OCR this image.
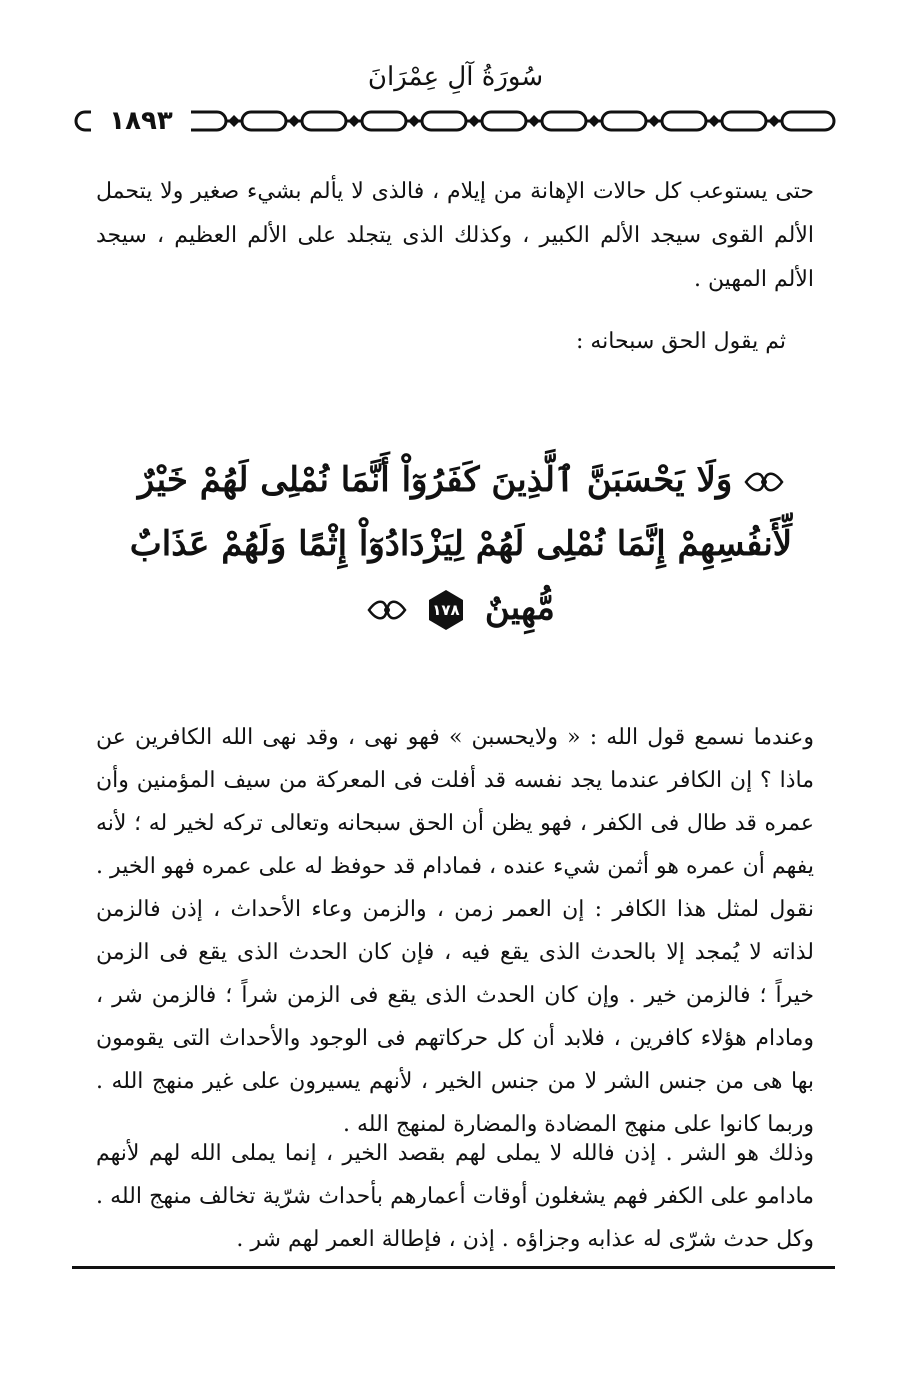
سُورَةُ آلِ عِمْرَانَ
١٨٩٣

حتى يستوعب كل حالات الإهانة من إيلام ، فالذى لا يألم بشيء صغير ولا يتحمل الألم القوى سيجد الألم الكبير ، وكذلك الذى يتجلد على الألم العظيم ، سيجد الألم المهين .

ثم يقول الحق سبحانه :

وَلَا يَحْسَبَنَّ ٱلَّذِينَ كَفَرُوٓاْ أَنَّمَا نُمْلِى لَهُمْ خَيْرٌ
لِّأَنفُسِهِمْ إِنَّمَا نُمْلِى لَهُمْ لِيَزْدَادُوٓاْ إِثْمًا وَلَهُمْ عَذَابٌ
مُّهِينٌ
١٧٨

وعندما نسمع قول الله : « ولايحسبن » فهو نهى ، وقد نهى الله الكافرين عن ماذا ؟ إن الكافر عندما يجد نفسه قد أفلت فى المعركة من سيف المؤمنين وأن عمره قد طال فى الكفر ، فهو يظن أن الحق سبحانه وتعالى تركه لخير له ؛ لأنه يفهم أن عمره هو أثمن شيء عنده ، فمادام قد حوفظ له على عمره فهو الخير . نقول لمثل هذا الكافر : إن العمر زمن ، والزمن وعاء الأحداث ، إذن فالزمن لذاته لا يُمجد إلا بالحدث الذى يقع فيه ، فإن كان الحدث الذى يقع فى الزمن خيراً ؛ فالزمن خير . وإن كان الحدث الذى يقع فى الزمن شراً ؛ فالزمن شر ، ومادام هؤلاء كافرين ، فلابد أن كل حركاتهم فى الوجود والأحداث التى يقومون بها هى من جنس الشر لا من جنس الخير ، لأنهم يسيرون على غير منهج الله . وربما كانوا على منهج المضادة والمضارة لمنهج الله .

وذلك هو الشر . إذن فالله لا يملى لهم بقصد الخير ، إنما يملى الله لهم لأنهم مادامو على الكفر فهم يشغلون أوقات أعمارهم بأحداث شرّية تخالف منهج الله . وكل حدث شرّى له عذابه وجزاؤه . إذن ، فإطالة العمر لهم شر .
